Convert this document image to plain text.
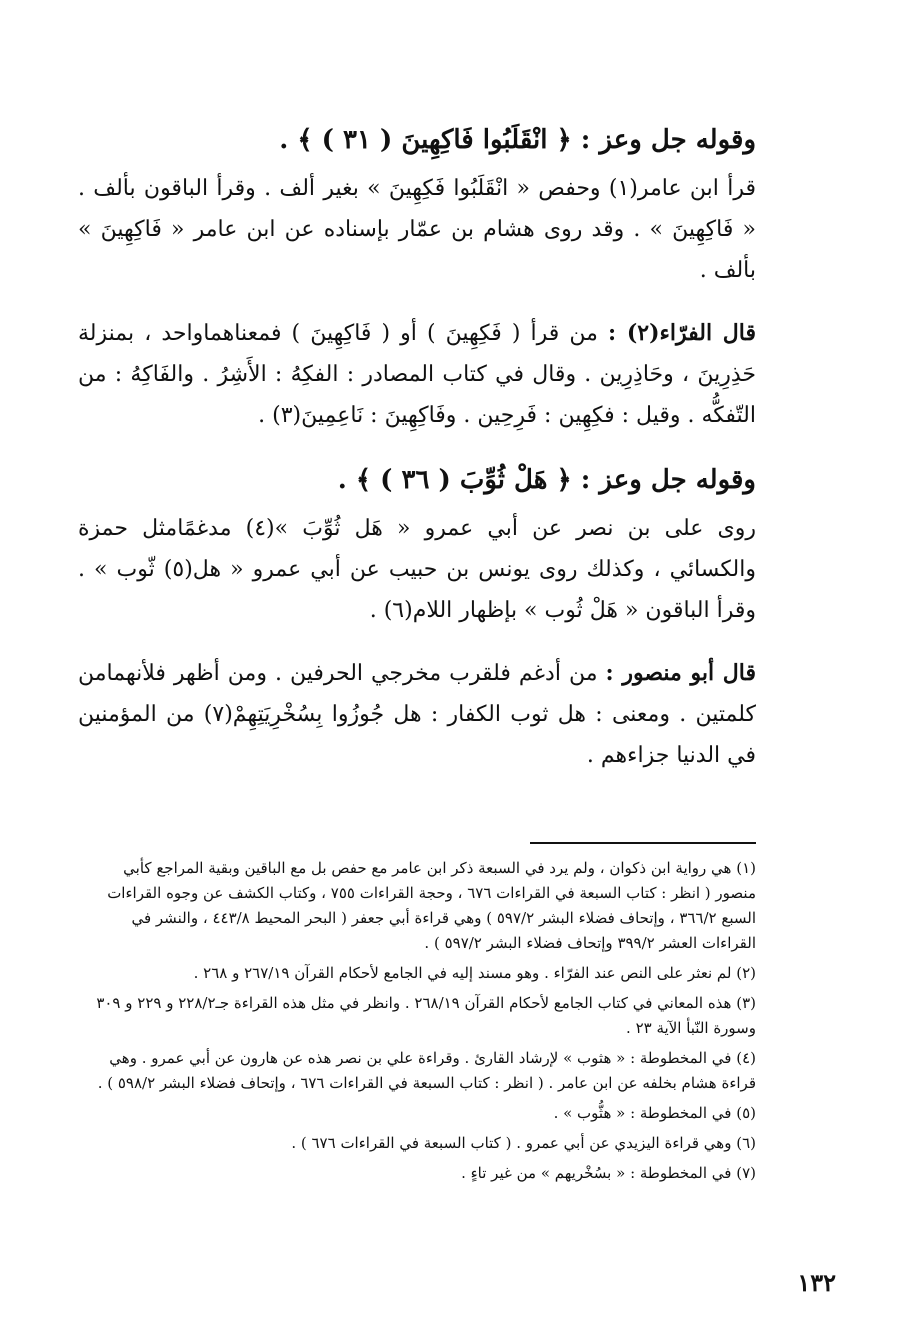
وقوله جل وعز : ﴿ انْقَلَبُوا فَاكِهِينَ ( ٣١ ) ﴾ .

قرأ ابن عامر(١) وحفص « انْقَلَبُوا فَكِهِينَ » بغير ألف . وقرأ الباقون بألف . « فَاكِهِينَ » . وقد روى هشام بن عمّار بإسناده عن ابن عامر « فَاكِهِينَ » بألف .

قال الفرّاء(٢) : من قرأ ( فَكِهِينَ ) أو ( فَاكِهِينَ ) فمعناهماواحد ، بمنزلة حَذِرِينَ ، وحَاذِرِين . وقال في كتاب المصادر : الفكِهُ : الأَشِرُ . والفَاكِهُ : من التّفكُّه . وقيل : فكِهِين : فَرِحِين . وفَاكِهِينَ : نَاعِمِينَ(٣) .

وقوله جل وعز : ﴿ هَلْ ثُوِّبَ ( ٣٦ ) ﴾ .

روى على بن نصر عن أبي عمرو « هَل ثُوِّبَ »(٤) مدغمًامثل حمزة والكسائي ، وكذلك روى يونس بن حبيب عن أبي عمرو « هل(٥) ثّوب » . وقرأ الباقون « هَلْ ثُوب » بإظهار اللام(٦) .

قال أبو منصور : من أدغم فلقرب مخرجي الحرفين . ومن أظهر فلأنهمامن كلمتين . ومعنى : هل ثوب الكفار : هل جُوزُوا بِسُخْرِيَتِهِمْ(٧) من المؤمنين في الدنيا جزاءهم .

(١) هي رواية ابن ذكوان ، ولم يرد في السبعة ذكر ابن عامر مع حفص بل مع الباقين وبقية المراجع كأبي منصور ( انظر : كتاب السبعة في القراءات ٦٧٦ ، وحجة القراءات ٧٥٥ ، وكتاب الكشف عن وجوه القراءات السبع ٣٦٦/٢ ، وإتحاف فضلاء البشر ٥٩٧/٢ ) وهي قراءة أبي جعفر ( البحر المحيط ٤٤٣/٨ ، والنشر في القراءات العشر ٣٩٩/٢ وإتحاف فضلاء البشر ٥٩٧/٢ ) .

(٢) لم نعثر على النص عند الفرّاء . وهو مسند إليه في الجامع لأحكام القرآن ٢٦٧/١٩ و ٢٦٨ .

(٣) هذه المعاني في كتاب الجامع لأحكام القرآن ٢٦٨/١٩ . وانظر في مثل هذه القراءة جـ٢٢٨/٢ و ٢٢٩ و ٣٠٩ وسورة النّبأ الآية ٢٣ .

(٤) في المخطوطة : « هثوب » لإرشاد القارئ . وقراءة علي بن نصر هذه عن هارون عن أبي عمرو . وهي قراءة هشام بخلفه عن ابن عامر . ( انظر : كتاب السبعة في القراءات ٦٧٦ ، وإتحاف فضلاء البشر ٥٩٨/٢ ) .

(٥) في المخطوطة : « هثُّوب » .

(٦) وهي قراءة اليزيدي عن أبي عمرو . ( كتاب السبعة في القراءات ٦٧٦ ) .

(٧) في المخطوطة : « بسُخْريهم » من غير تاءٍ .

١٣٢
